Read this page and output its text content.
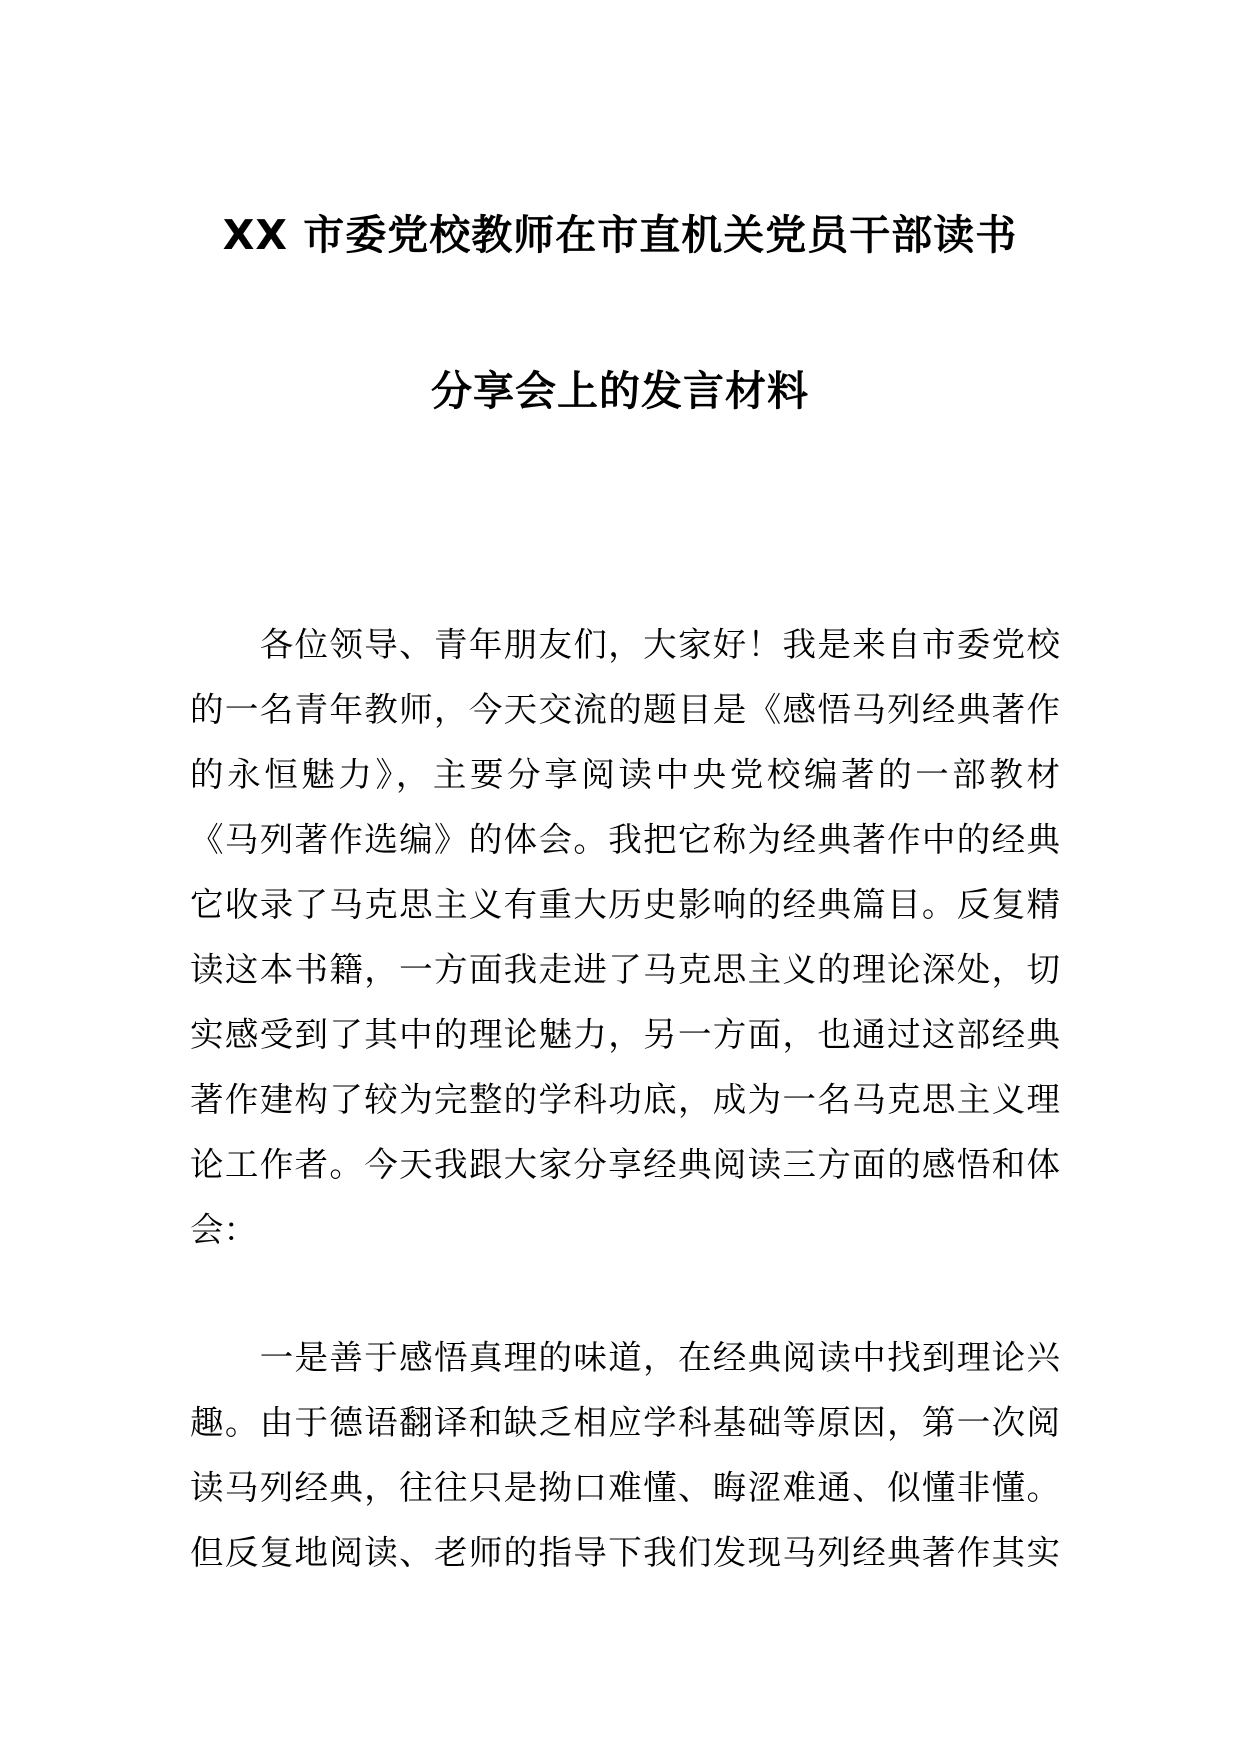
XX 市委党校教师在市直机关党员干部读书
分享会上的发言材料
　　各位领导、青年朋友们，大家好！我是来自市委党校
的一名青年教师，今天交流的题目是《感悟马列经典著作
的永恒魅力》，主要分享阅读中央党校编著的一部教材
《马列著作选编》的体会。我把它称为经典著作中的经典
它收录了马克思主义有重大历史影响的经典篇目。反复精
读这本书籍，一方面我走进了马克思主义的理论深处，切
实感受到了其中的理论魅力，另一方面，也通过这部经典
著作建构了较为完整的学科功底，成为一名马克思主义理
论工作者。今天我跟大家分享经典阅读三方面的感悟和体
会：
　　一是善于感悟真理的味道，在经典阅读中找到理论兴
趣。由于德语翻译和缺乏相应学科基础等原因，第一次阅
读马列经典，往往只是拗口难懂、晦涩难通、似懂非懂。
但反复地阅读、老师的指导下我们发现马列经典著作其实
